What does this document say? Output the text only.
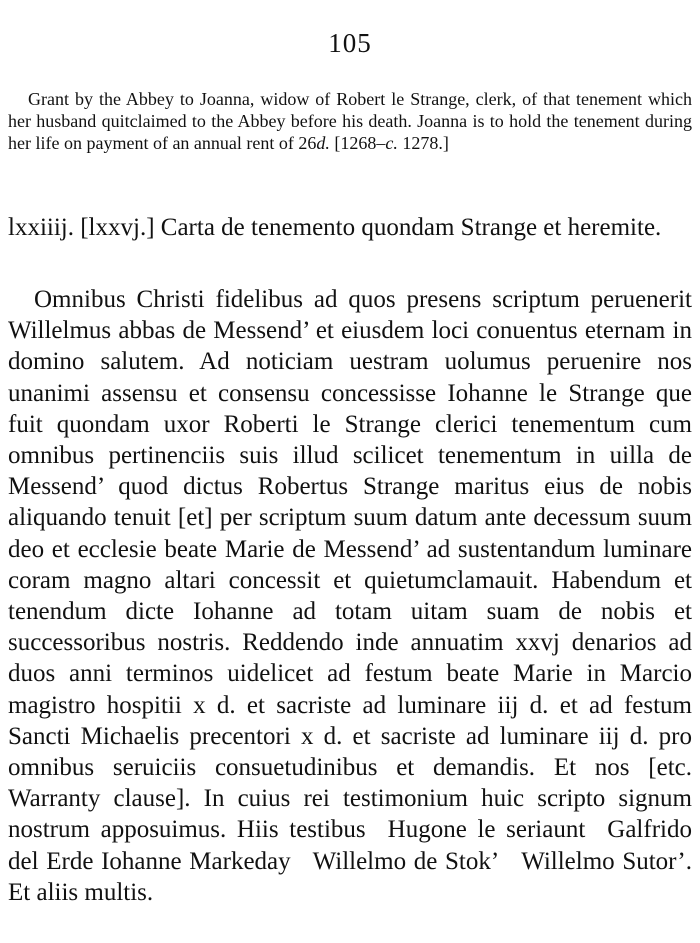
105
Grant by the Abbey to Joanna, widow of Robert le Strange, clerk, of that tenement which her husband quitclaimed to the Abbey before his death. Joanna is to hold the tenement during her life on payment of an annual rent of 26d. [1268–c. 1278.]
lxxiiij. [lxxvj.] Carta de tenemento quondam Strange et heremite.
Omnibus Christi fidelibus ad quos presens scriptum peruenerit Willelmus abbas de Messend’ et eiusdem loci conuentus eternam in domino salutem. Ad noticiam uestram uolumus peruenire nos unanimi assensu et consensu concessisse Iohanne le Strange que fuit quondam uxor Roberti le Strange clerici tenementum cum omnibus pertinenciis suis illud scilicet tenementum in uilla de Messend’ quod dictus Robertus Strange maritus eius de nobis aliquando tenuit [et] per scriptum suum datum ante decessum suum deo et ecclesie beate Marie de Messend’ ad sustentandum luminare coram magno altari concessit et quietumclamauit. Habendum et tenendum dicte Iohanne ad totam uitam suam de nobis et successoribus nostris. Reddendo inde annuatim xxvj denarios ad duos anni terminos uidelicet ad festum beate Marie in Marcio magistro hospitii x d. et sacriste ad luminare iij d. et ad festum Sancti Michaelis precentori x d. et sacriste ad luminare iij d. pro omnibus seruiciis consuetudinibus et demandis. Et nos [etc. Warranty clause]. In cuius rei testimonium huic scripto signum nostrum apposuimus. Hiis testibus Hugone le seriaunt Galfrido del Erde Iohanne Markeday Willelmo de Stok’ Willelmo Sutor’. Et aliis multis.
